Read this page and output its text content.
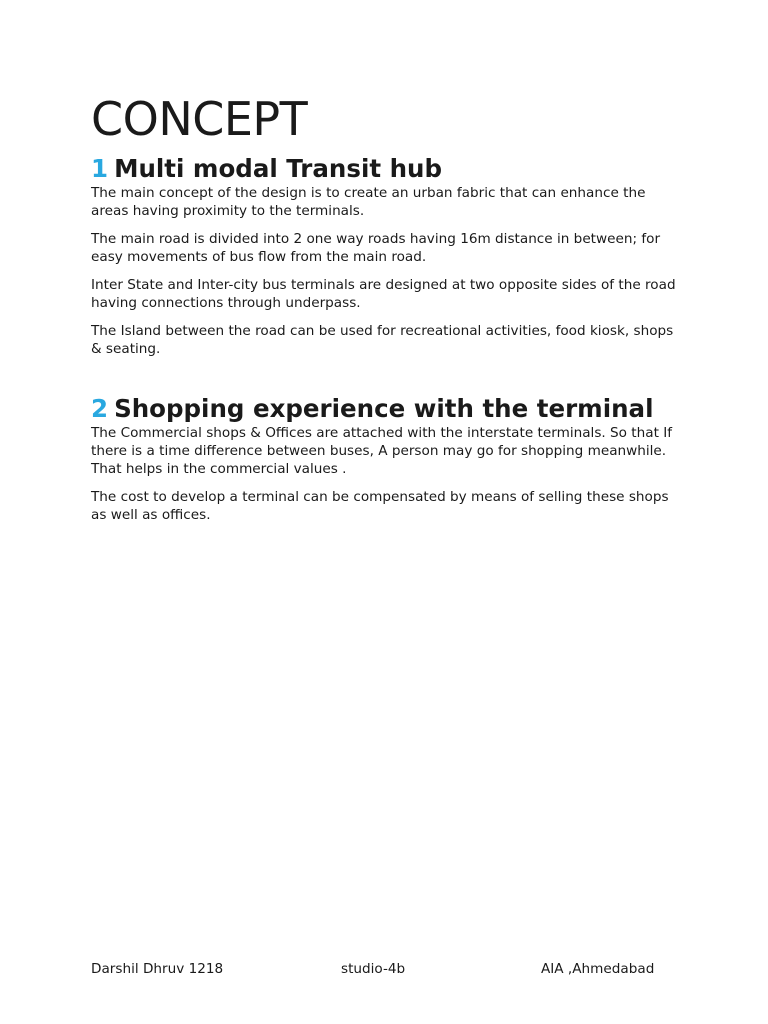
CONCEPT
1 Multi modal Transit hub

The main concept of the design is to create an urban fabric that can enhance the areas having proximity to the terminals.

The main road is divided into 2 one way roads having 16m distance in between; for easy movements of bus flow from the main road.

Inter State and Inter-city bus terminals are designed at two opposite sides of the road having connections through underpass.

The Island between the road can be used for recreational activities, food kiosk, shops & seating.

2 Shopping experience with the terminal

The Commercial shops & Offices are attached with the interstate terminals. So that If there is a time difference between buses, A person may go for shopping meanwhile. That helps in the commercial values .

The cost to develop a terminal can be compensated by means of selling these shops as well as offices.

Darshil Dhruv 1218	studio-4b	AIA ,Ahmedabad
